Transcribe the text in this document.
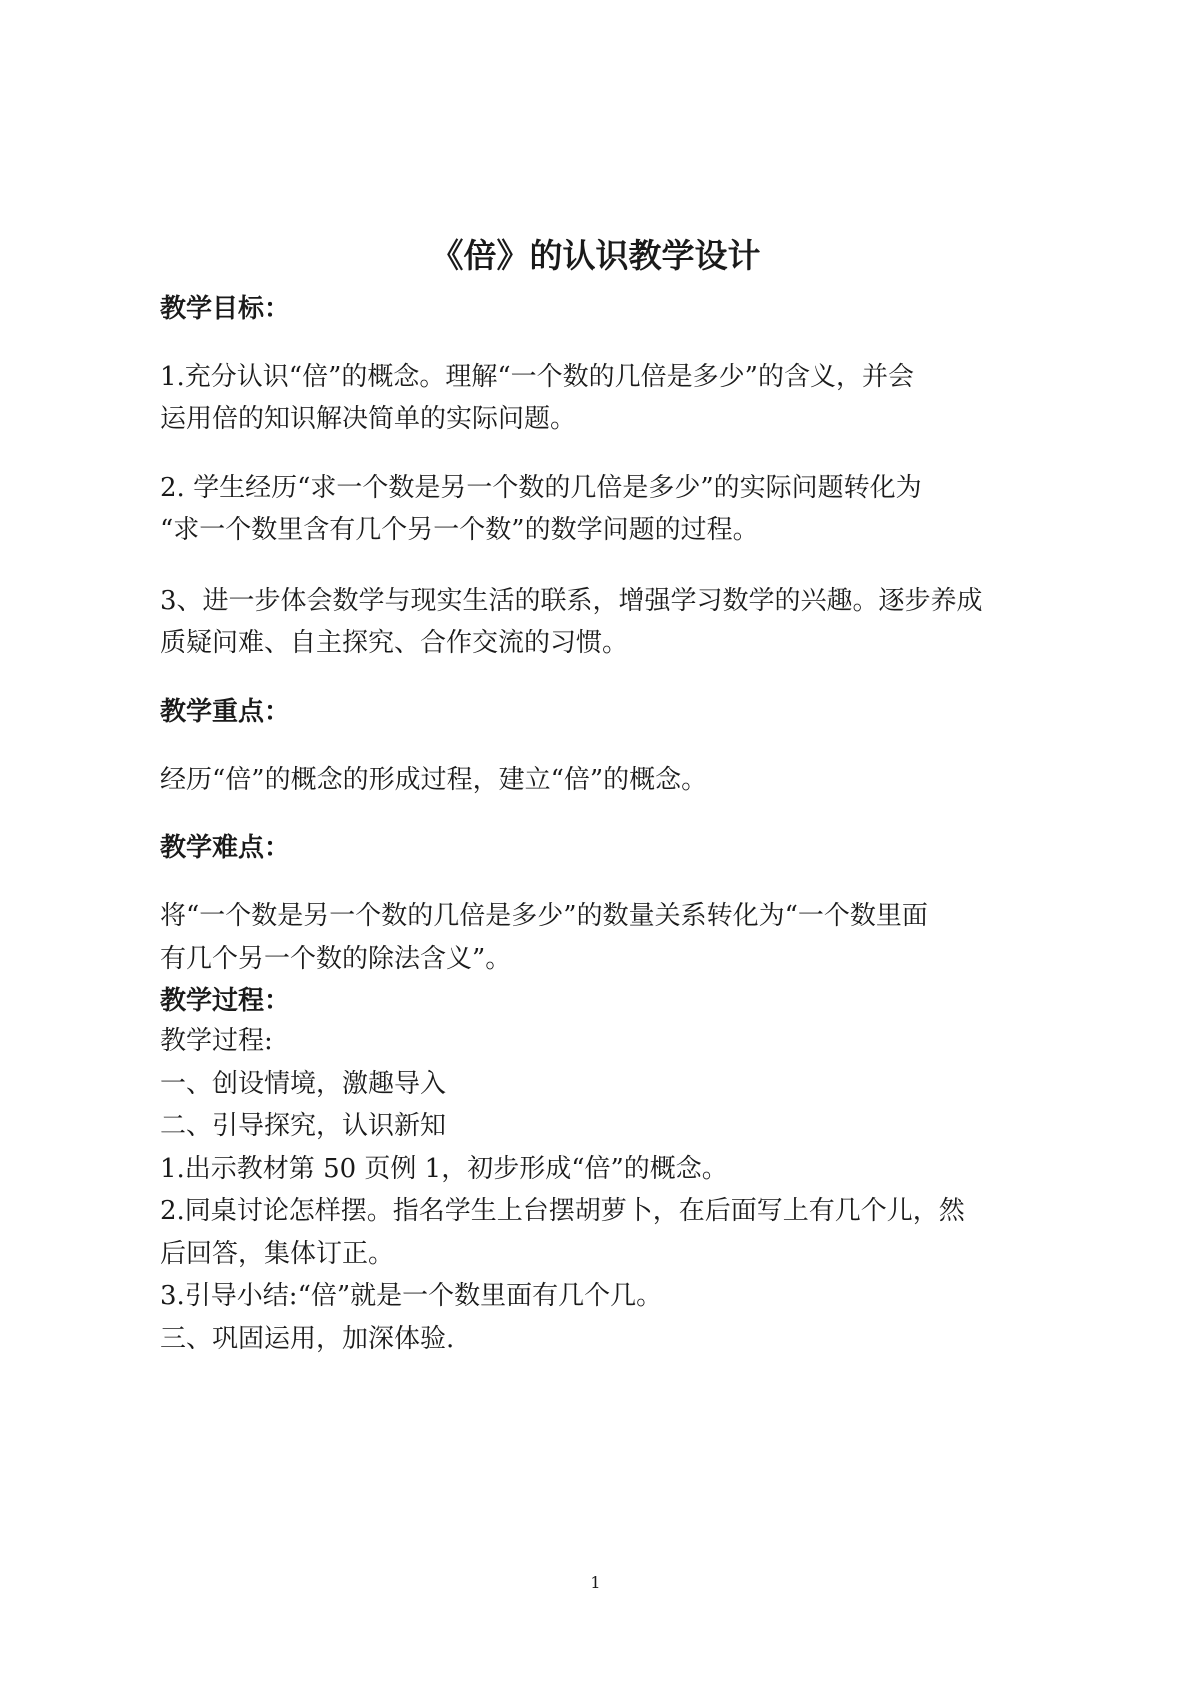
《倍》的认识教学设计
教学目标：
1.充分认识“倍”的概念。理解“一个数的几倍是多少”的含义，并会
运用倍的知识解决简单的实际问题。
2. 学生经历“求一个数是另一个数的几倍是多少”的实际问题转化为
“求一个数里含有几个另一个数”的数学问题的过程。
3、进一步体会数学与现实生活的联系，增强学习数学的兴趣。逐步养成
质疑问难、自主探究、合作交流的习惯。
教学重点：
经历“倍”的概念的形成过程，建立“倍”的概念。
教学难点：
将“一个数是另一个数的几倍是多少”的数量关系转化为“一个数里面
有几个另一个数的除法含义”。
教学过程：
教学过程:
一、创设情境，激趣导入
二、引导探究，认识新知
1.出示教材第 50 页例 1，初步形成“倍”的概念。
2.同桌讨论怎样摆。指名学生上台摆胡萝卜，在后面写上有几个儿，然
后回答，集体订正。
3.引导小结:“倍”就是一个数里面有几个几。
三、巩固运用，加深体验.
1
